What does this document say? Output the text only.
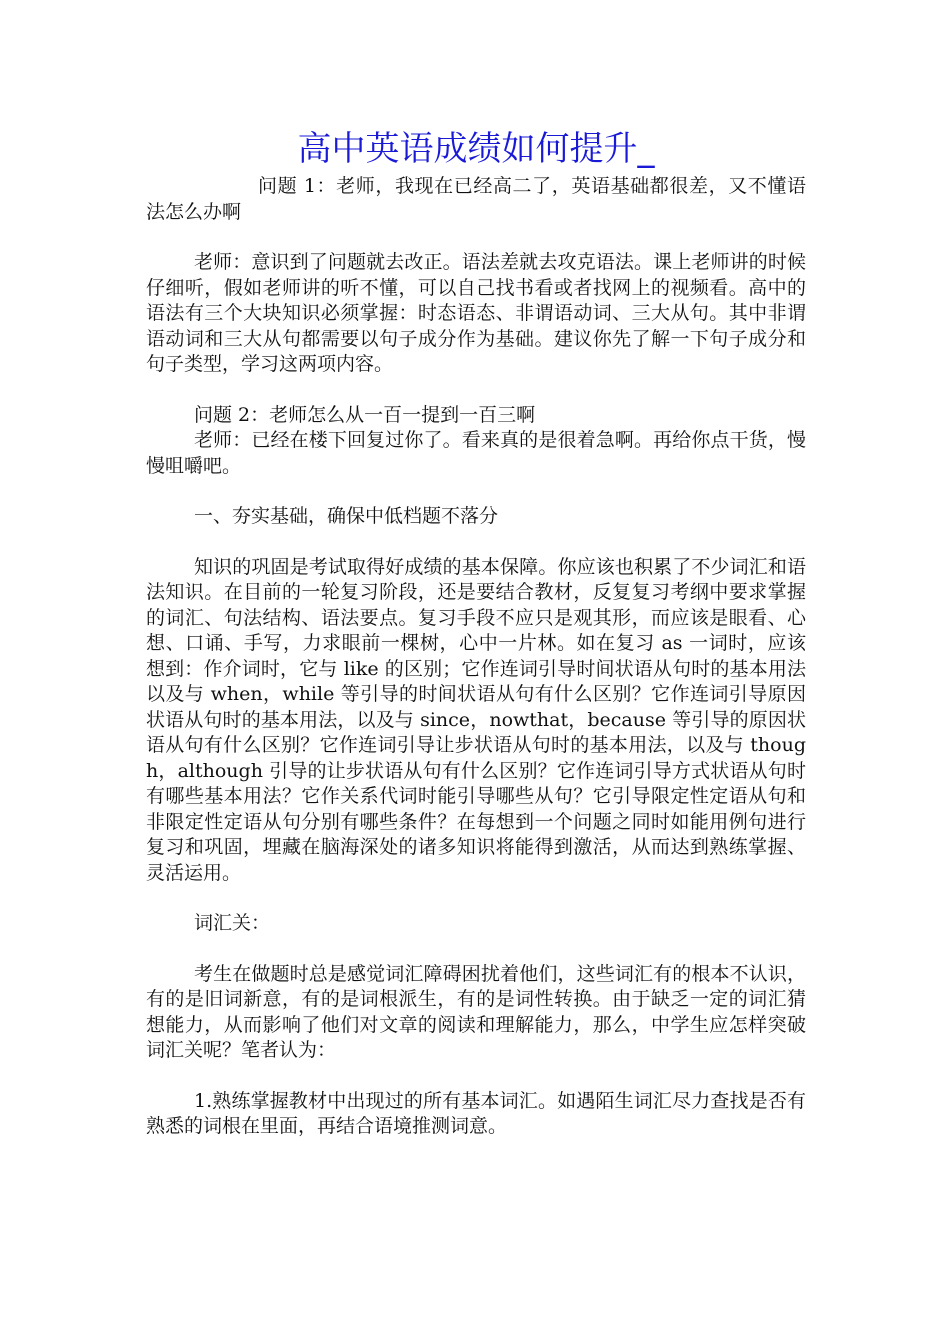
高中英语成绩如何提升_

问题 1：老师，我现在已经高二了，英语基础都很差，又不懂语法怎么办啊

老师：意识到了问题就去改正。语法差就去攻克语法。课上老师讲的时候仔细听，假如老师讲的听不懂，可以自己找书看或者找网上的视频看。高中的语法有三个大块知识必须掌握：时态语态、非谓语动词、三大从句。其中非谓语动词和三大从句都需要以句子成分作为基础。建议你先了解一下句子成分和句子类型，学习这两项内容。

问题 2：老师怎么从一百一提到一百三啊

老师：已经在楼下回复过你了。看来真的是很着急啊。再给你点干货，慢慢咀嚼吧。

一、夯实基础，确保中低档题不落分

知识的巩固是考试取得好成绩的基本保障。你应该也积累了不少词汇和语法知识。在目前的一轮复习阶段，还是要结合教材，反复复习考纲中要求掌握的词汇、句法结构、语法要点。复习手段不应只是观其形，而应该是眼看、心想、口诵、手写，力求眼前一棵树，心中一片林。如在复习 as 一词时，应该想到：作介词时，它与 like 的区别；它作连词引导时间状语从句时的基本用法以及与 when，while 等引导的时间状语从句有什么区别？它作连词引导原因状语从句时的基本用法，以及与 since，nowthat，because 等引导的原因状语从句有什么区别？它作连词引导让步状语从句时的基本用法，以及与 though，although 引导的让步状语从句有什么区别？它作连词引导方式状语从句时有哪些基本用法？它作关系代词时能引导哪些从句？它引导限定性定语从句和非限定性定语从句分别有哪些条件？在每想到一个问题之同时如能用例句进行复习和巩固，埋藏在脑海深处的诸多知识将能得到激活，从而达到熟练掌握、灵活运用。

词汇关：

考生在做题时总是感觉词汇障碍困扰着他们，这些词汇有的根本不认识，有的是旧词新意，有的是词根派生，有的是词性转换。由于缺乏一定的词汇猜想能力，从而影响了他们对文章的阅读和理解能力，那么，中学生应怎样突破词汇关呢？笔者认为：

1.熟练掌握教材中出现过的所有基本词汇。如遇陌生词汇尽力查找是否有熟悉的词根在里面，再结合语境推测词意。
